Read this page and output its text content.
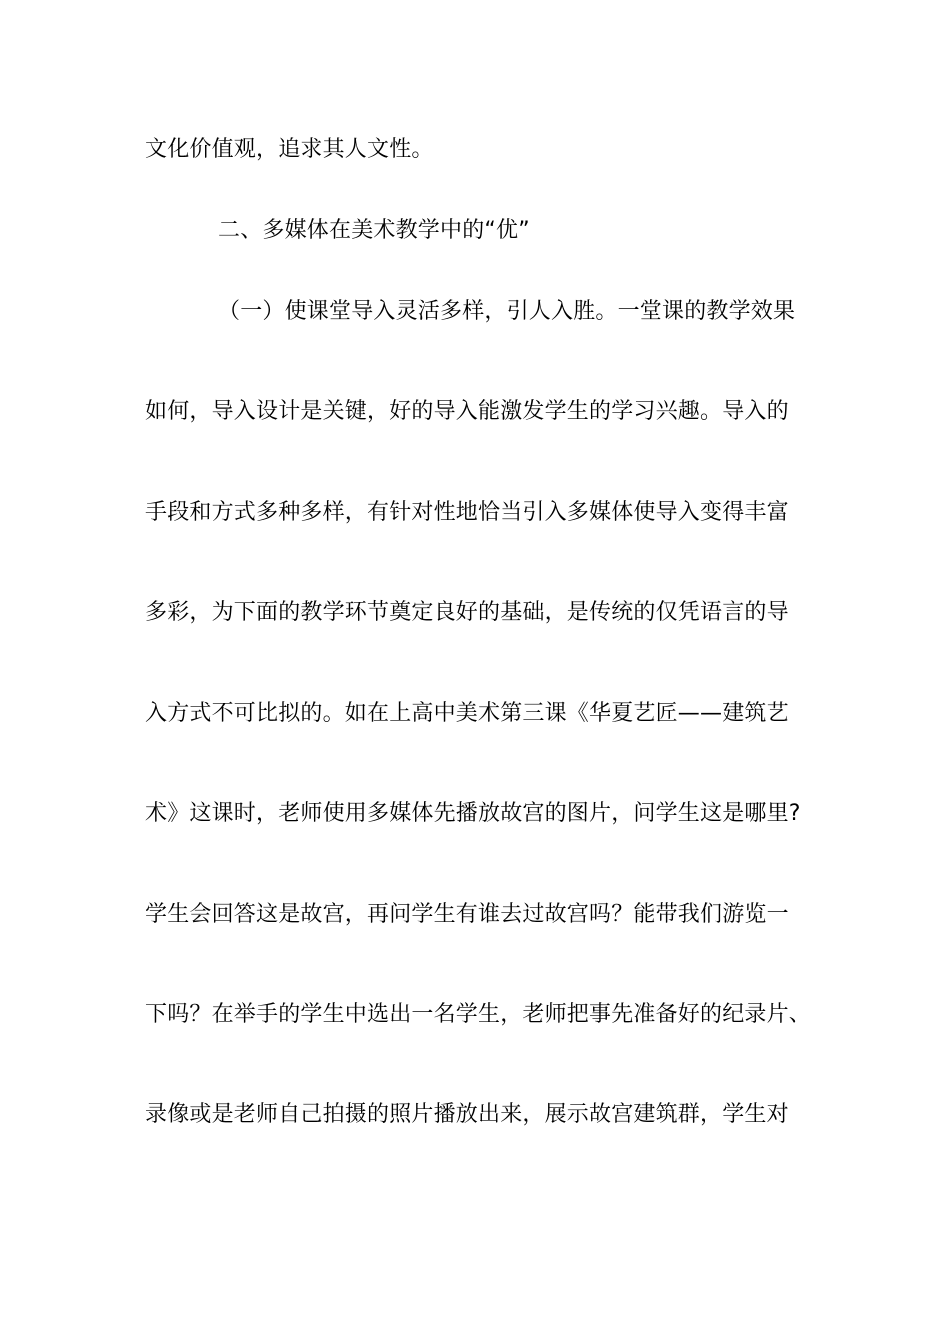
文化价值观，追求其人文性。
二、多媒体在美术教学中的“优”
（一）使课堂导入灵活多样，引人入胜。一堂课的教学效果
如何，导入设计是关键，好的导入能激发学生的学习兴趣。导入的
手段和方式多种多样，有针对性地恰当引入多媒体使导入变得丰富
多彩，为下面的教学环节奠定良好的基础，是传统的仅凭语言的导
入方式不可比拟的。如在上高中美术第三课《华夏艺匠——建筑艺
术》这课时，老师使用多媒体先播放故宫的图片，问学生这是哪里?
学生会回答这是故宫，再问学生有谁去过故宫吗？能带我们游览一
下吗？在举手的学生中选出一名学生，老师把事先准备好的纪录片、
录像或是老师自己拍摄的照片播放出来，展示故宫建筑群，学生对
